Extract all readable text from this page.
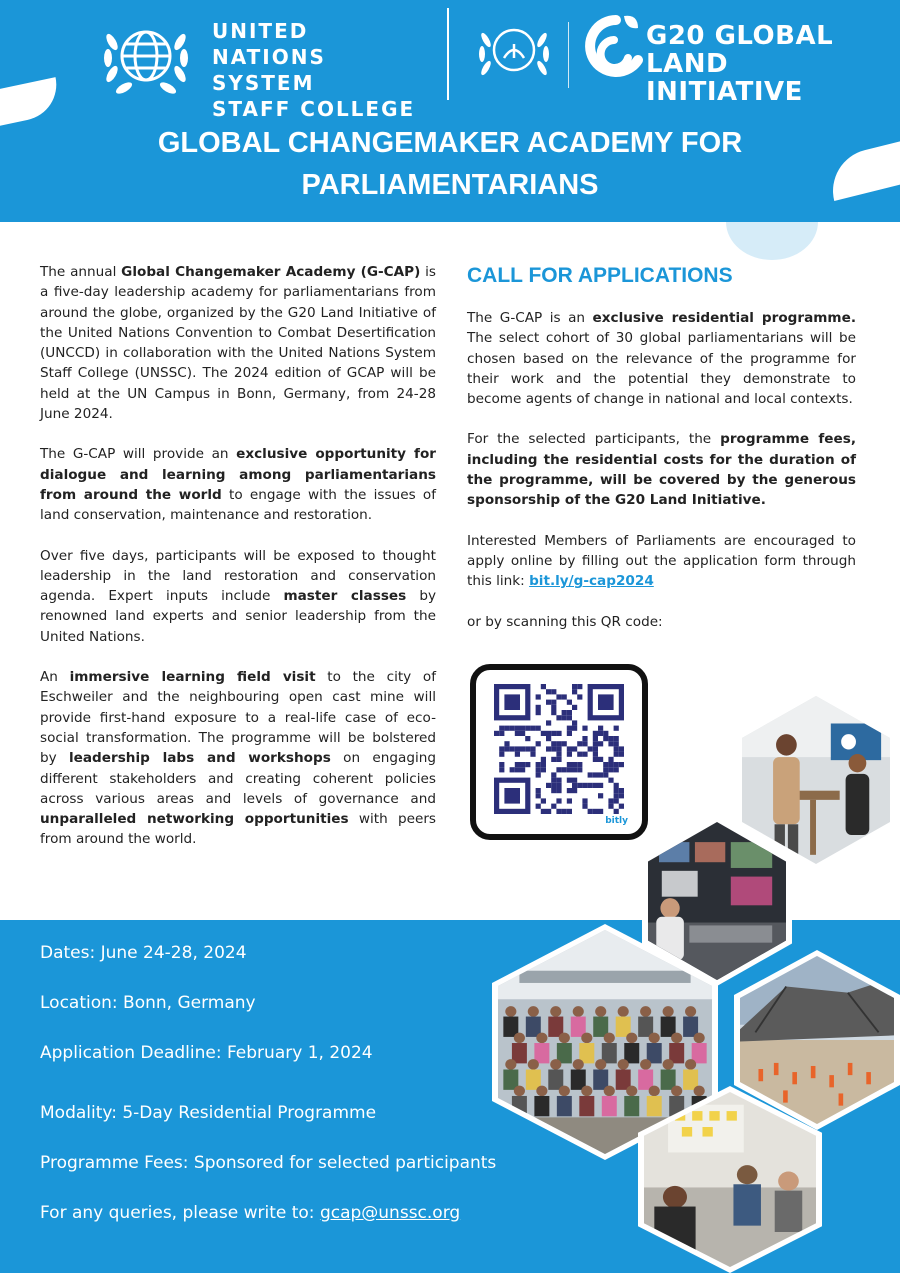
UNITED NATIONS
SYSTEM
STAFF COLLEGE
G20 GLOBAL
LAND INITIATIVE
GLOBAL CHANGEMAKER ACADEMY FOR
PARLIAMENTARIANS

The annual Global Changemaker Academy (G-CAP) is a five-day leadership academy for parliamentarians from around the globe, organized by the G20 Land Initiative of the United Nations Convention to Combat Desertification (UNCCD) in collaboration with the United Nations System Staff College (UNSSC). The 2024 edition of GCAP will be held at the UN Campus in Bonn, Germany, from 24-28 June 2024.

The G-CAP will provide an exclusive opportunity for dialogue and learning among parliamentarians from around the world to engage with the issues of land conservation, maintenance and restoration.

Over five days, participants will be exposed to thought leadership in the land restoration and conservation agenda. Expert inputs include master classes by renowned land experts and senior leadership from the United Nations.

An immersive learning field visit to the city of Eschweiler and the neighbouring open cast mine will provide first-hand exposure to a real-life case of eco-social transformation. The programme will be bolstered by leadership labs and workshops on engaging different stakeholders and creating coherent policies across various areas and levels of governance and unparalleled networking opportunities with peers from around the world.

CALL FOR APPLICATIONS

The G-CAP is an exclusive residential programme. The select cohort of 30 global parliamentarians will be chosen based on the relevance of the programme for their work and the potential they demonstrate to become agents of change in national and local contexts.

For the selected participants, the programme fees, including the residential costs for the duration of the programme, will be covered by the generous sponsorship of the G20 Land Initiative.

Interested Members of Parliaments are encouraged to apply online by filling out the application form through this link: bit.ly/g-cap2024

or by scanning this QR code:

bitly
Dates: June 24-28, 2024
Location: Bonn, Germany
Application Deadline: February 1, 2024
Modality: 5-Day Residential Programme
Programme Fees: Sponsored for selected participants
For any queries, please write to: gcap@unssc.org
